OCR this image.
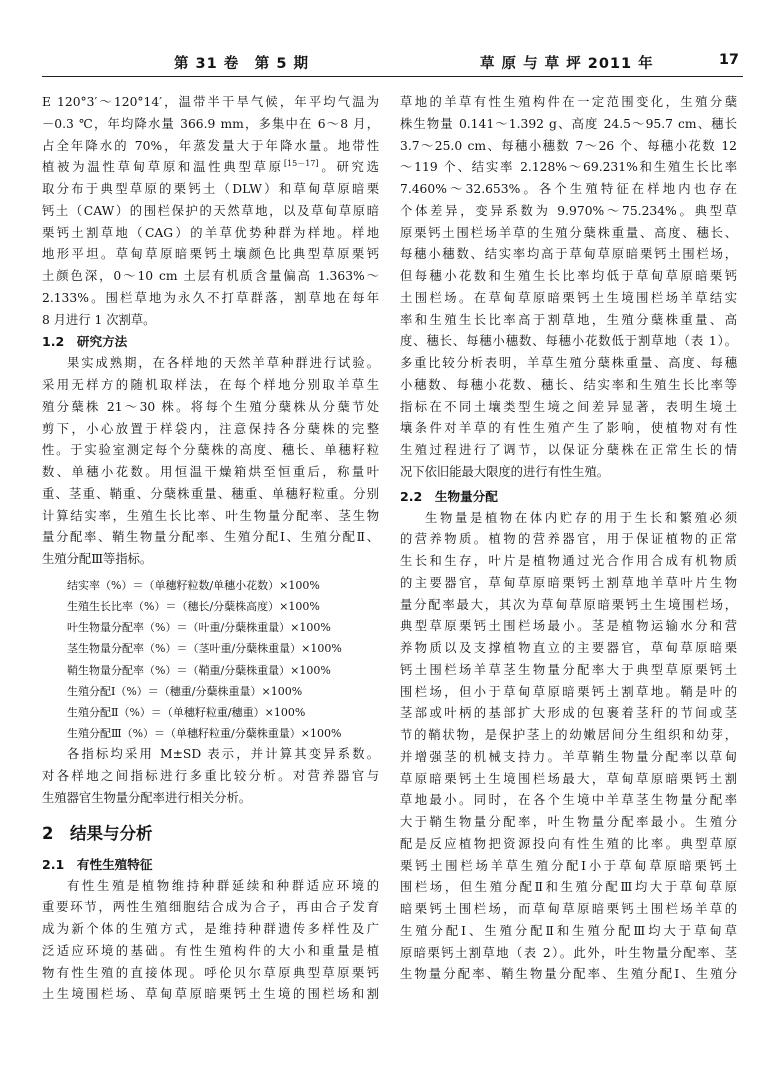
第 31 卷　第 5 期	草 原 与 草 坪 2011 年	17
E 120°3′～120°14′，温带半干旱气候，年平均气温为
－0.3 ℃，年均降水量 366.9 mm，多集中在 6～8 月，
占全年降水的 70%，年蒸发量大于年降水量。地带性
植被为温性草甸草原和温性典型草原[15－17]。研究选
取分布于典型草原的栗钙土（DLW）和草甸草原暗栗
钙土（CAW）的围栏保护的天然草地，以及草甸草原暗
栗钙土割草地（CAG）的羊草优势种群为样地。样地
地形平坦。草甸草原暗栗钙土壤颜色比典型草原栗钙
土颜色深，0～10 cm 土层有机质含量偏高 1.363%～
2.133%。围栏草地为永久不打草群落，割草地在每年
8 月进行 1 次割草。
1.2　研究方法
果实成熟期，在各样地的天然羊草种群进行试验。
采用无样方的随机取样法，在每个样地分别取羊草生
殖分蘖株 21～30 株。将每个生殖分蘖株从分蘖节处
剪下，小心放置于样袋内，注意保持各分蘖株的完整
性。于实验室测定每个分蘖株的高度、穗长、单穗籽粒
数、单穗小花数。用恒温干燥箱烘至恒重后，称量叶
重、茎重、鞘重、分蘖株重量、穗重、单穗籽粒重。分别
计算结实率，生殖生长比率、叶生物量分配率、茎生物
量分配率、鞘生物量分配率、生殖分配Ⅰ、生殖分配Ⅱ、
生殖分配Ⅲ等指标。
结实率（%）＝（单穗籽粒数/单穗小花数）×100%
生殖生长比率（%）＝（穗长/分蘖株高度）×100%
叶生物量分配率（%）＝（叶重/分蘖株重量）×100%
茎生物量分配率（%）＝（茎叶重/分蘖株重量）×100%
鞘生物量分配率（%）＝（鞘重/分蘖株重量）×100%
生殖分配Ⅰ（%）＝（穗重/分蘖株重量）×100%
生殖分配Ⅱ（%）＝（单穗籽粒重/穗重）×100%
生殖分配Ⅲ（%）＝（单穗籽粒重/分蘖株重量）×100%
各指标均采用 M±SD 表示，并计算其变异系数。
对各样地之间指标进行多重比较分析。对营养器官与
生殖器官生物量分配率进行相关分析。
2　结果与分析
2.1　有性生殖特征
有性生殖是植物维持种群延续和种群适应环境的
重要环节，两性生殖细胞结合成为合子，再由合子发育
成为新个体的生殖方式，是维持种群遗传多样性及广
泛适应环境的基础。有性生殖构件的大小和重量是植
物有性生殖的直接体现。呼伦贝尔草原典型草原栗钙
土生境围栏场、草甸草原暗栗钙土生境的围栏场和割
草地的羊草有性生殖构件在一定范围变化，生殖分蘖
株生物量 0.141～1.392 g、高度 24.5～95.7 cm、穗长
3.7～25.0 cm、每穗小穗数 7～26 个、每穗小花数 12
～119 个、结实率 2.128%～69.231%和生殖生长比率
7.460%～32.653%。各个生殖特征在样地内也存在
个体差异，变异系数为 9.970%～75.234%。典型草
原栗钙土围栏场羊草的生殖分蘖株重量、高度、穗长、
每穗小穗数、结实率均高于草甸草原暗栗钙土围栏场，
但每穗小花数和生殖生长比率均低于草甸草原暗栗钙
土围栏场。在草甸草原暗栗钙土生境围栏场羊草结实
率和生殖生长比率高于割草地，生殖分蘖株重量、高
度、穗长、每穗小穗数、每穗小花数低于割草地（表 1）。
多重比较分析表明，羊草生殖分蘖株重量、高度、每穗
小穗数、每穗小花数、穗长、结实率和生殖生长比率等
指标在不同土壤类型生境之间差异显著，表明生境土
壤条件对羊草的有性生殖产生了影响，使植物对有性
生殖过程进行了调节，以保证分蘖株在正常生长的情
况下依旧能最大限度的进行有性生殖。
2.2　生物量分配
生物量是植物在体内贮存的用于生长和繁殖必须
的营养物质。植物的营养器官，用于保证植物的正常
生长和生存，叶片是植物通过光合作用合成有机物质
的主要器官，草甸草原暗栗钙土割草地羊草叶片生物
量分配率最大，其次为草甸草原暗栗钙土生境围栏场，
典型草原栗钙土围栏场最小。茎是植物运输水分和营
养物质以及支撑植物直立的主要器官，草甸草原暗栗
钙土围栏场羊草茎生物量分配率大于典型草原栗钙土
围栏场，但小于草甸草原暗栗钙土割草地。鞘是叶的
茎部或叶柄的基部扩大形成的包裹着茎秆的节间或茎
节的鞘状物，是保护茎上的幼嫩居间分生组织和幼芽，
并增强茎的机械支持力。羊草鞘生物量分配率以草甸
草原暗栗钙土生境围栏场最大，草甸草原暗栗钙土割
草地最小。同时，在各个生境中羊草茎生物量分配率
大于鞘生物量分配率，叶生物量分配率最小。生殖分
配是反应植物把资源投向有性生殖的比率。典型草原
栗钙土围栏场羊草生殖分配Ⅰ小于草甸草原暗栗钙土
围栏场，但生殖分配Ⅱ和生殖分配Ⅲ均大于草甸草原
暗栗钙土围栏场，而草甸草原暗栗钙土围栏场羊草的
生殖分配Ⅰ、生殖分配Ⅱ和生殖分配Ⅲ均大于草甸草
原暗栗钙土割草地（表 2）。此外，叶生物量分配率、茎
生物量分配率、鞘生物量分配率、生殖分配Ⅰ、生殖分
